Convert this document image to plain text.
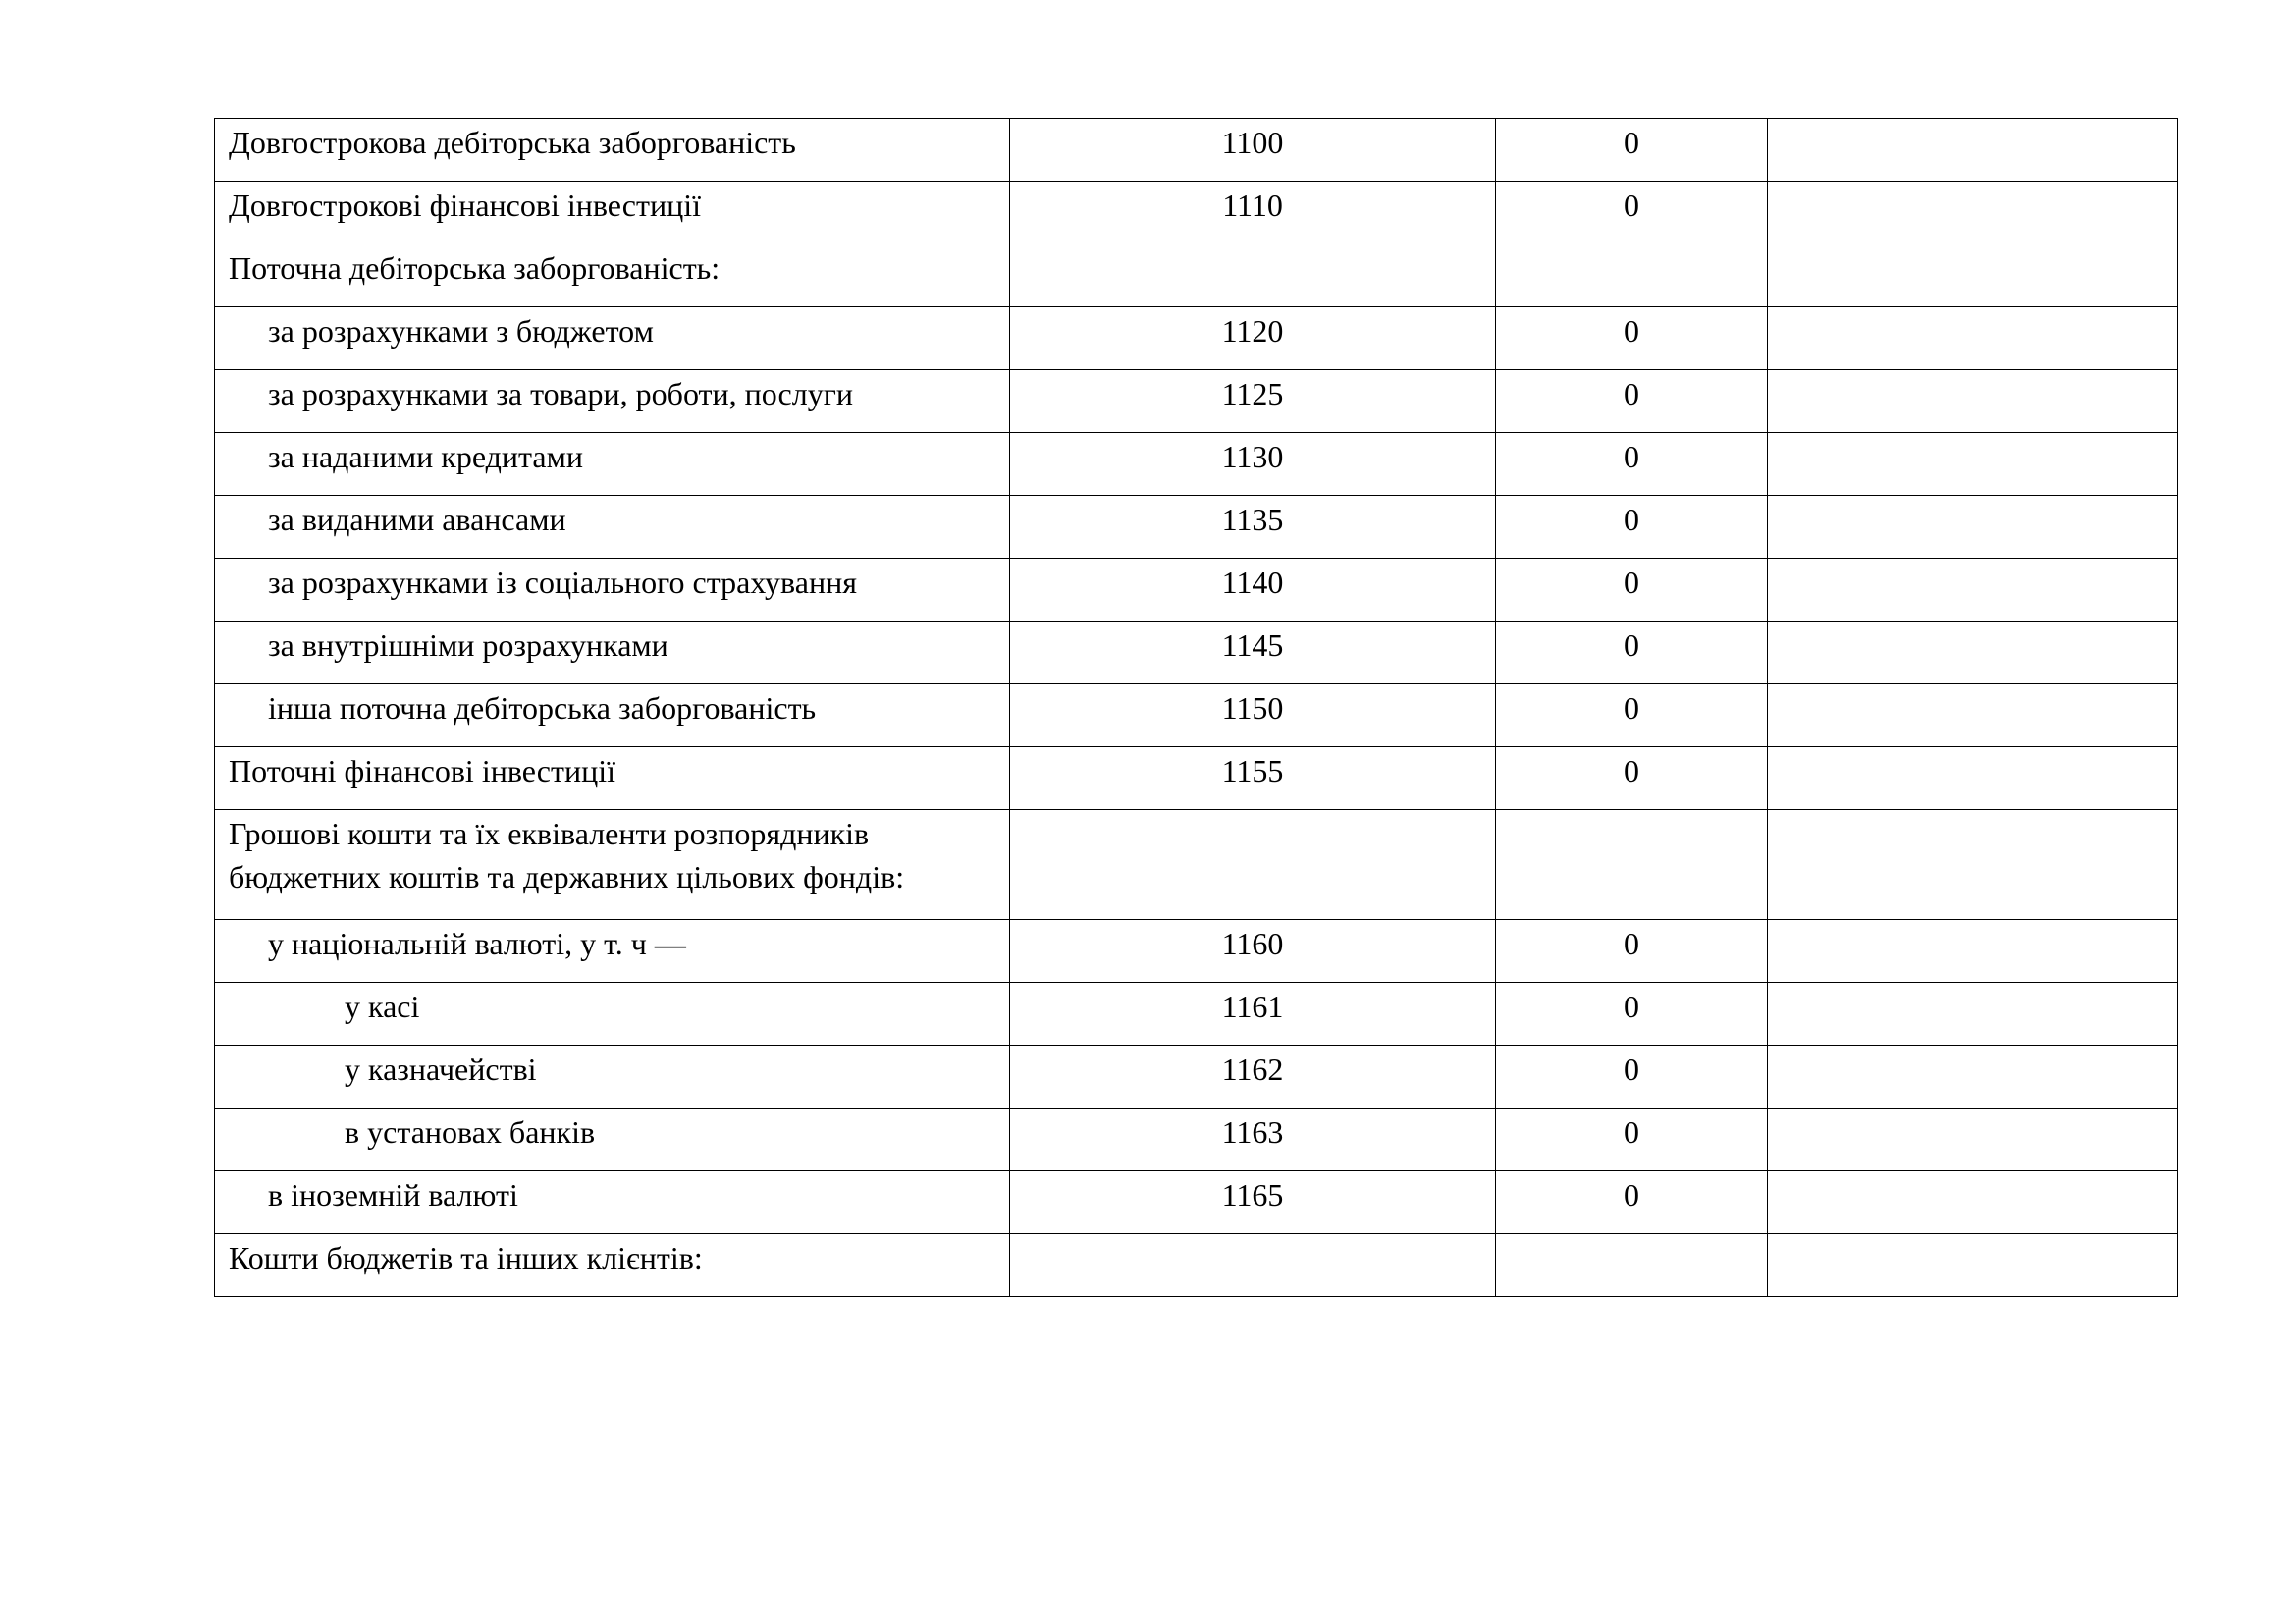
Довгострокова дебіторська заборгованість	1100	0	
Довгострокові фінансові інвестиції	1110	0	
Поточна дебіторська заборгованість:			
за розрахунками з бюджетом	1120	0	
за розрахунками за товари, роботи, послуги	1125	0	
за наданими кредитами	1130	0	
за виданими авансами	1135	0	
за розрахунками із соціального страхування	1140	0	
за внутрішніми розрахунками	1145	0	
інша поточна дебіторська заборгованість	1150	0	
Поточні фінансові інвестиції	1155	0	
Грошові кошти та їх еквіваленти розпорядників бюджетних коштів та державних цільових фондів:			
у національній валюті, у т. ч —	1160	0	
у касі	1161	0	
у казначействі	1162	0	
в установах банків	1163	0	
в іноземній валюті	1165	0	
Кошти бюджетів та інших клієнтів:			
